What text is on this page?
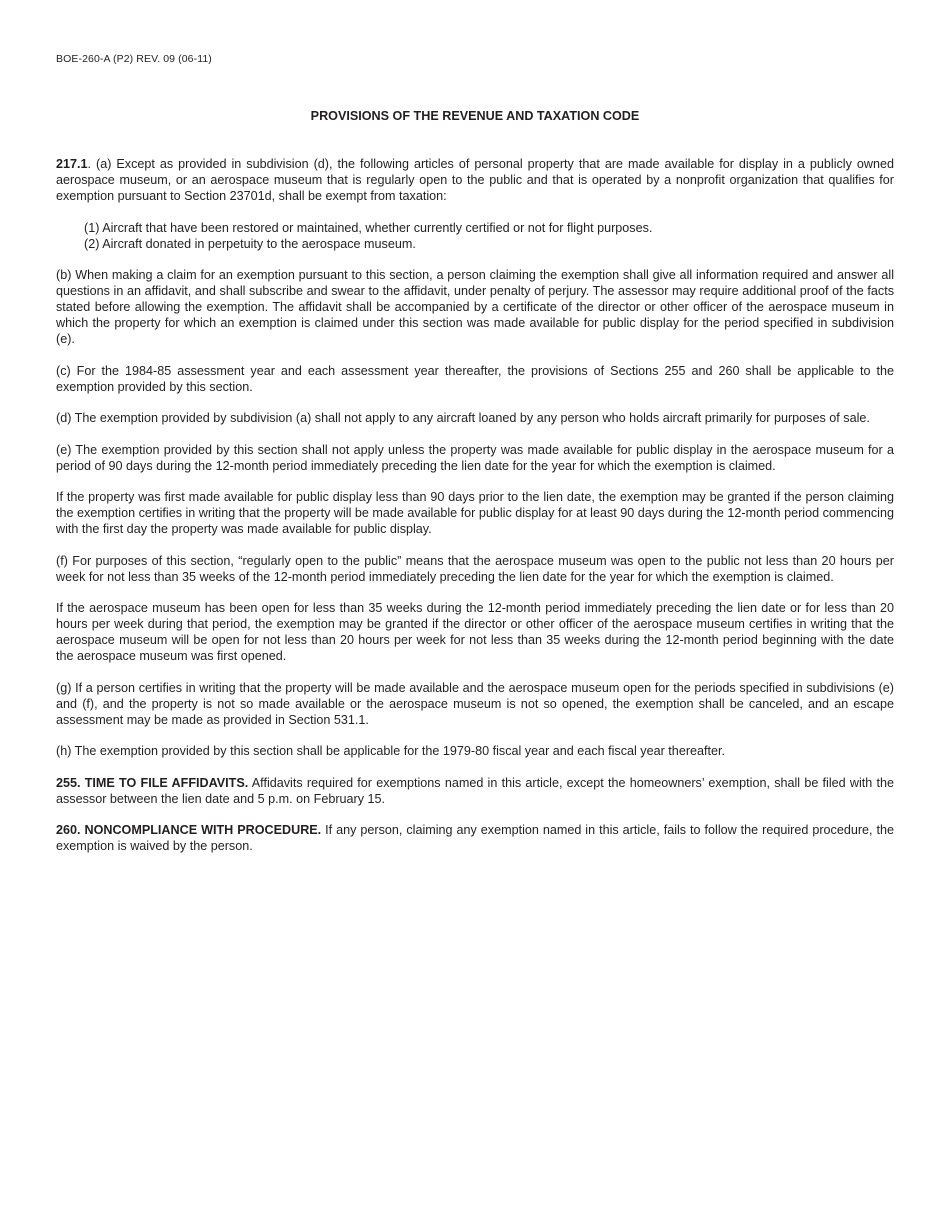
BOE-260-A (P2) REV. 09 (06-11)
PROVISIONS OF THE REVENUE AND TAXATION CODE

217.1. (a) Except as provided in subdivision (d), the following articles of personal property that are made available for display in a publicly owned aerospace museum, or an aerospace museum that is regularly open to the public and that is operated by a nonprofit organization that qualifies for exemption pursuant to Section 23701d, shall be exempt from taxation:

(1) Aircraft that have been restored or maintained, whether currently certified or not for flight purposes.
(2) Aircraft donated in perpetuity to the aerospace museum.

(b) When making a claim for an exemption pursuant to this section, a person claiming the exemption shall give all information required and answer all questions in an affidavit, and shall subscribe and swear to the affidavit, under penalty of perjury. The assessor may require additional proof of the facts stated before allowing the exemption. The affidavit shall be accompanied by a certificate of the director or other officer of the aerospace museum in which the property for which an exemption is claimed under this section was made available for public display for the period specified in subdivision (e).

(c) For the 1984-85 assessment year and each assessment year thereafter, the provisions of Sections 255 and 260 shall be applicable to the exemption provided by this section.

(d) The exemption provided by subdivision (a) shall not apply to any aircraft loaned by any person who holds aircraft primarily for purposes of sale.

(e) The exemption provided by this section shall not apply unless the property was made available for public display in the aerospace museum for a period of 90 days during the 12-month period immediately preceding the lien date for the year for which the exemption is claimed.

If the property was first made available for public display less than 90 days prior to the lien date, the exemption may be granted if the person claiming the exemption certifies in writing that the property will be made available for public display for at least 90 days during the 12-month period commencing with the first day the property was made available for public display.

(f) For purposes of this section, “regularly open to the public” means that the aerospace museum was open to the public not less than 20 hours per week for not less than 35 weeks of the 12-month period immediately preceding the lien date for the year for which the exemption is claimed.

If the aerospace museum has been open for less than 35 weeks during the 12-month period immediately preceding the lien date or for less than 20 hours per week during that period, the exemption may be granted if the director or other officer of the aerospace museum certifies in writing that the aerospace museum will be open for not less than 20 hours per week for not less than 35 weeks during the 12-month period beginning with the date the aerospace museum was first opened.

(g) If a person certifies in writing that the property will be made available and the aerospace museum open for the periods specified in subdivisions (e) and (f), and the property is not so made available or the aerospace museum is not so opened, the exemption shall be canceled, and an escape assessment may be made as provided in Section 531.1.

(h) The exemption provided by this section shall be applicable for the 1979-80 fiscal year and each fiscal year thereafter.

255. TIME TO FILE AFFIDAVITS. Affidavits required for exemptions named in this article, except the homeowners’ exemption, shall be filed with the assessor between the lien date and 5 p.m. on February 15.

260. NONCOMPLIANCE WITH PROCEDURE. If any person, claiming any exemption named in this article, fails to follow the required procedure, the exemption is waived by the person.
